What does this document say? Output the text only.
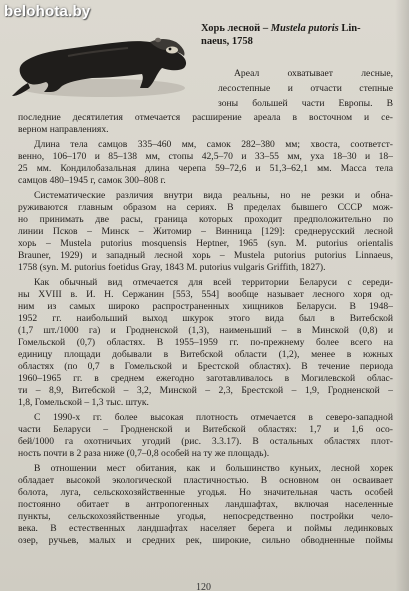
belohota.by
Хорь лесной – Mustela putoris Lin-
naeus, 1758
Ареал охватывает лесные,
лесостепные и отчасти степные
зоны большей части Европы. В
последние десятилетия отмечается расширение ареала в восточном и се-
верном направлениях.
Длина тела самцов 335–460 мм, самок 282–380 мм; хвоста, соответст-
венно, 106–170 и 85–138 мм, стопы 42,5–70 и 33–55 мм, уха 18–30 и 18–
25 мм. Кондилобазальная длина черепа 59–72,6 и 51,3–62,1 мм. Масса тела
самцов 480–1945 г, самок 300–808 г.
Систематические различия внутри вида реальны, но не резки и обна-
руживаются главным образом на сериях. В пределах бывшего СССР мож-
но принимать две расы, граница которых проходит предположительно по
линии Псков – Минск – Житомир – Винница [129]: среднерусский лесной
хорь – Mustela putorius mosquensis Heptner, 1965 (syn. M. putorius orientalis
Brauner, 1929) и западный лесной хорь – Mustela putorius putorius Linnaeus,
1758 (syn. M. putorius foetidus Gray, 1843 M. putorius vulgaris Griffith, 1827).
Как обычный вид отмечается для всей территории Беларуси с середи-
ны XVIII в. И. Н. Сержанин [553, 554] вообще называет лесного хоря од-
ним из самых широко распространенных хищников Беларуси. В 1948–
1952 гг. наибольший выход шкурок этого вида был в Витебской
(1,7 шт./1000 га) и Гродненской (1,3), наименьший – в Минской (0,8) и
Гомельской (0,7) областях. В 1955–1959 гг. по-прежнему более всего на
единицу площади добывали в Витебской области (1,2), менее в южных
областях (по 0,7 в Гомельской и Брестской областях). В течение периода
1960–1965 гг. в среднем ежегодно заготавливалось в Могилевской облас-
ти – 8,9, Витебской – 3,2, Минской – 2,3, Брестской – 1,9, Гродненской –
1,8, Гомельской – 1,3 тыс. штук.
С 1990-х гг. более высокая плотность отмечается в северо-западной
части Беларуси – Гродненской и Витебской областях: 1,7 и 1,6 осо-
бей/1000 га охотничьих угодий (рис. 3.3.17). В остальных областях плот-
ность почти в 2 раза ниже (0,7–0,8 особей на ту же площадь).
В отношении мест обитания, как и большинство куньих, лесной хорек
обладает высокой экологической пластичностью. В основном он осваивает
болота, луга, сельскохозяйственные угодья. Но значительная часть особей
постоянно обитает в антропогенных ландшафтах, включая населенные
пункты, сельскохозяйственные угодья, непосредственно постройки чело-
века. В естественных ландшафтах населяет берега и поймы лединковых
озер, ручьев, малых и средних рек, широкие, сильно обводненные поймы
120
